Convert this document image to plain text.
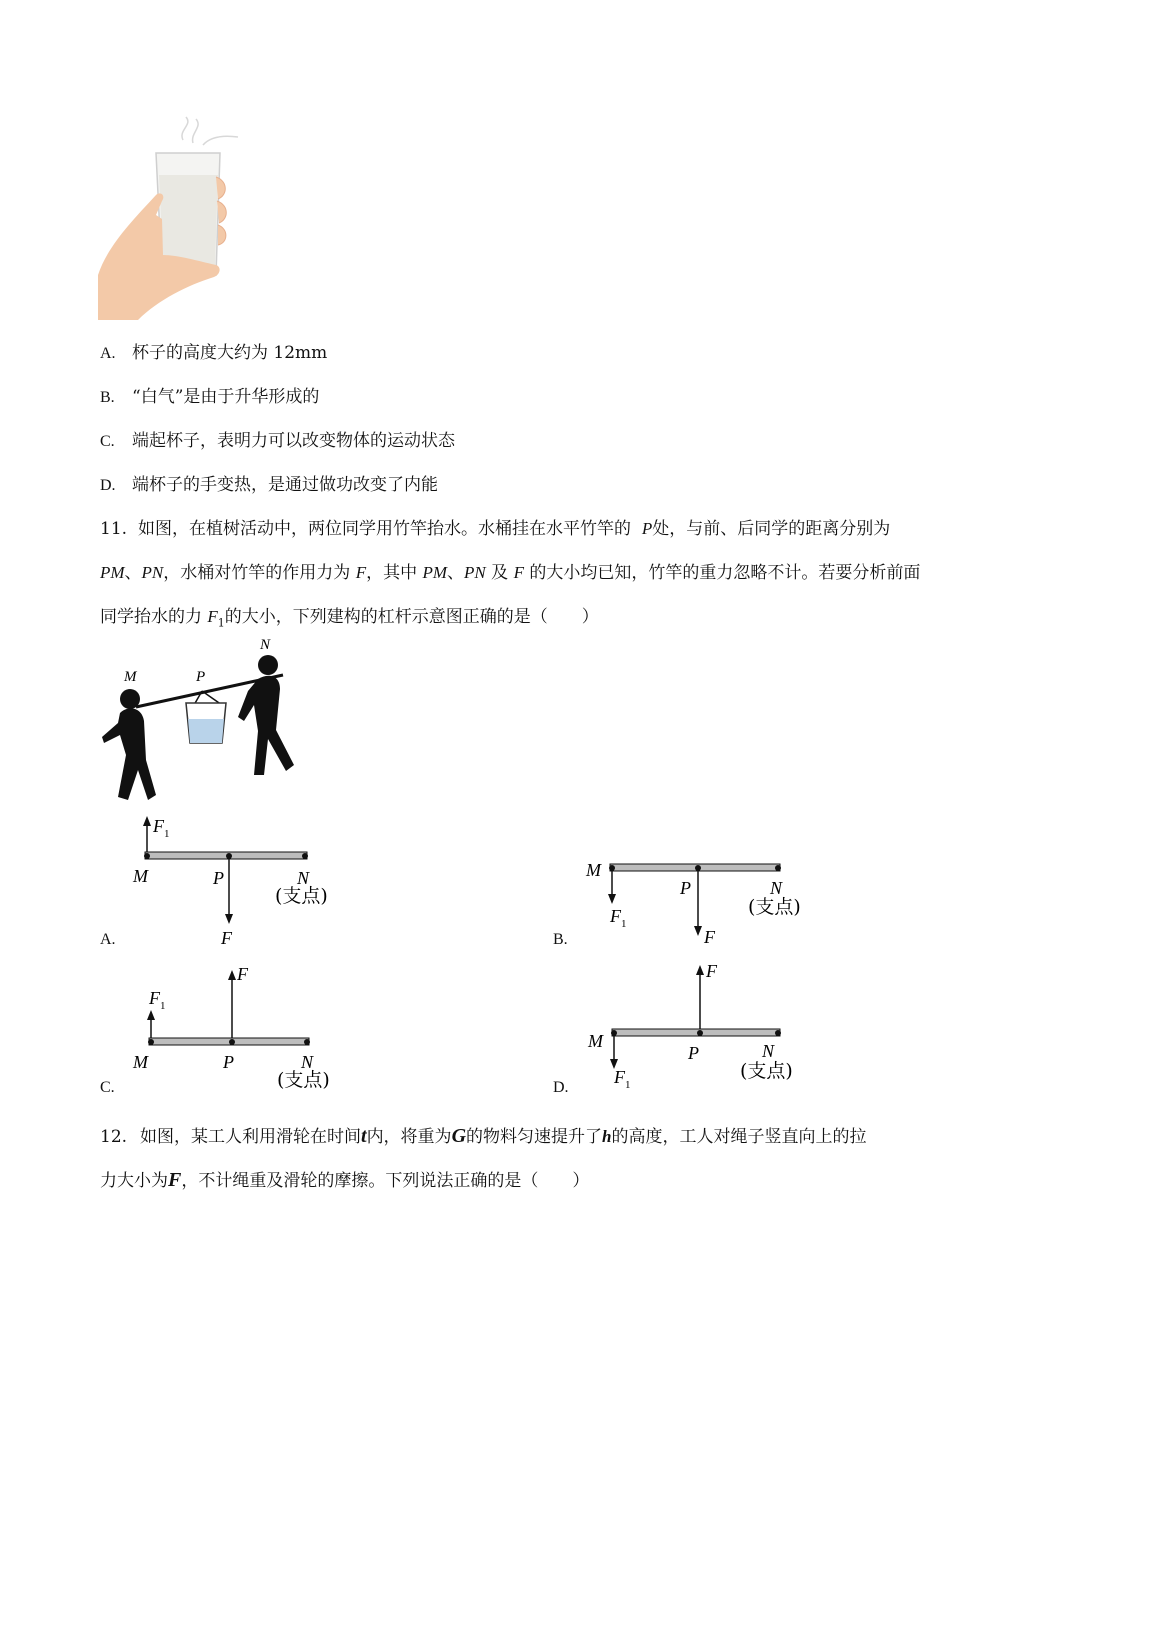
A. 杯子的高度大约为 12mm
B. “白气”是由于升华形成的
C. 端起杯子，表明力可以改变物体的运动状态
D. 端杯子的手变热，是通过做功改变了内能
11. 如图，在植树活动中，两位同学用竹竿抬水。水桶挂在水平竹竿的 P处，与前、后同学的距离分别为
PM、PN，水桶对竹竿的作用力为 F，其中 PM、PN 及 F 的大小均已知，竹竿的重力忽略不计。若要分析前面
同学抬水的力 $F_1$的大小，下列建构的杠杆示意图正确的是（　　）
M	P
N
F 1
M	P	N
(支点)
F
A.
M
F 1
P
F
N
(支点)
B.
F
F 1
M	P	N
(支点)
C.
F
M
F 1
P	N
(支点)
D.
12. 如图，某工人利用滑轮在时间t内，将重为G的物料匀速提升了h的高度，工人对绳子竖直向上的拉
力大小为F，不计绳重及滑轮的摩擦。下列说法正确的是（　　）
